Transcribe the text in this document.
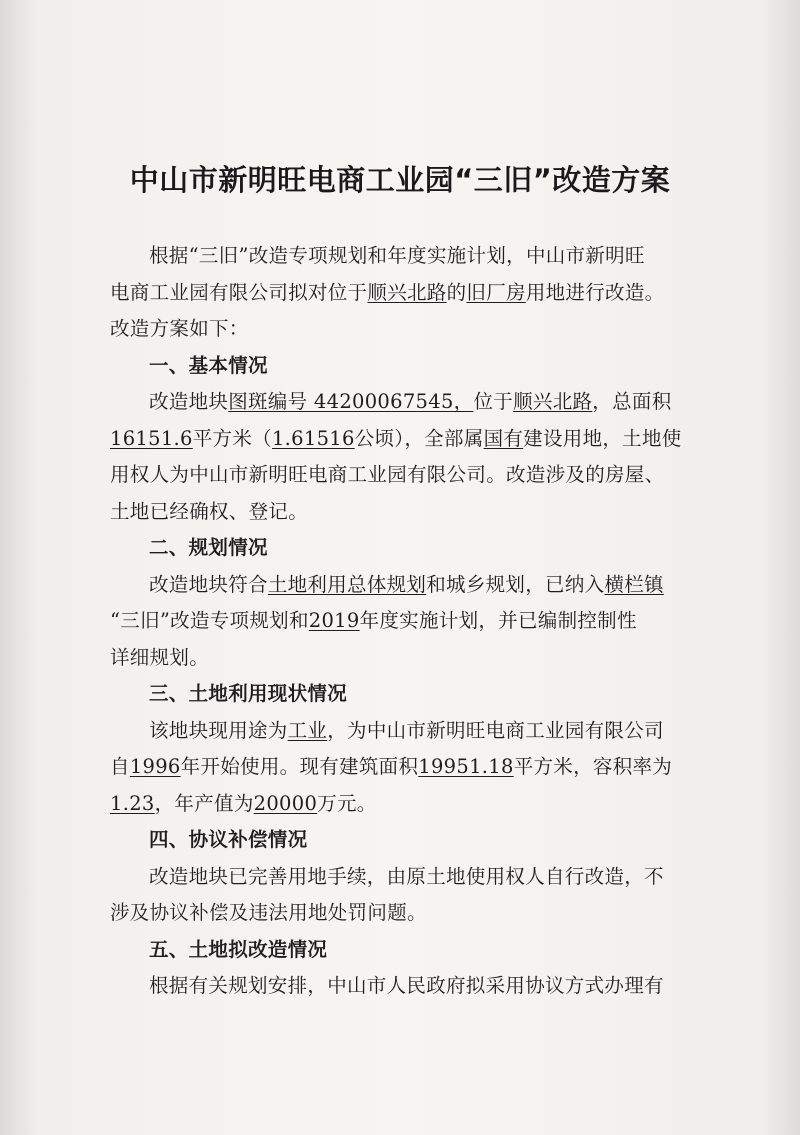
中山市新明旺电商工业园“三旧”改造方案
根据“三旧”改造专项规划和年度实施计划，中山市新明旺
电商工业园有限公司拟对位于顺兴北路的旧厂房用地进行改造。
改造方案如下：
一、基本情况
改造地块图斑编号 44200067545，位于顺兴北路，总面积
16151.6平方米（1.61516公顷），全部属国有建设用地，土地使
用权人为中山市新明旺电商工业园有限公司。改造涉及的房屋、
土地已经确权、登记。
二、规划情况
改造地块符合土地利用总体规划和城乡规划，已纳入横栏镇
“三旧”改造专项规划和2019年度实施计划，并已编制控制性
详细规划。
三、土地利用现状情况
该地块现用途为工业，为中山市新明旺电商工业园有限公司
自1996年开始使用。现有建筑面积19951.18平方米，容积率为
1.23，年产值为20000万元。
四、协议补偿情况
改造地块已完善用地手续，由原土地使用权人自行改造，不
涉及协议补偿及违法用地处罚问题。
五、土地拟改造情况
根据有关规划安排，中山市人民政府拟采用协议方式办理有
